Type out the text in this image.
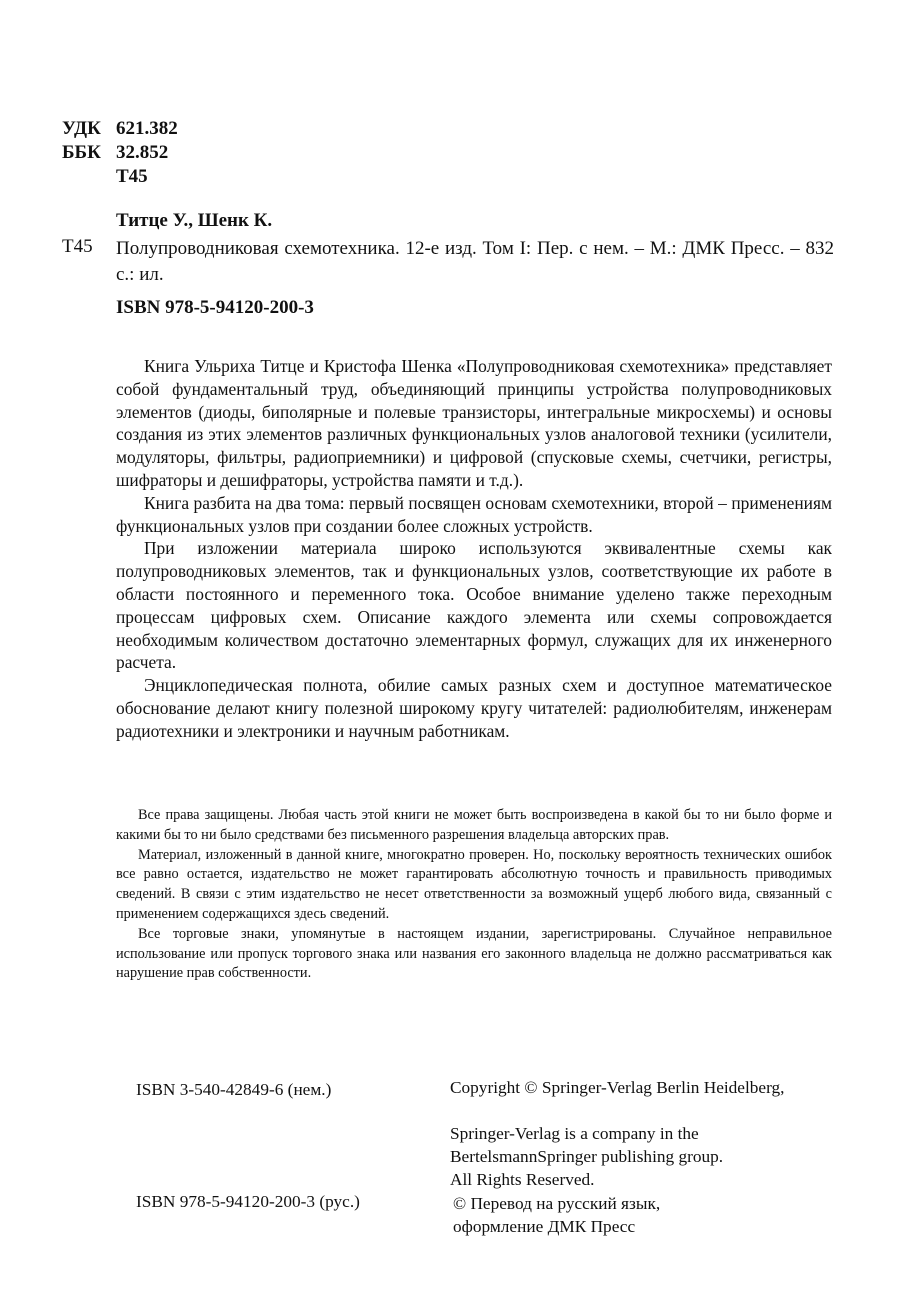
УДК 621.382
ББК 32.852
Т45

Титце У., Шенк К.
Т45 Полупроводниковая схемотехника. 12-е изд. Том I: Пер. с нем. – М.: ДМК Пресс. – 832 с.: ил.
ISBN 978-5-94120-200-3

Книга Ульриха Титце и Кристофа Шенка «Полупроводниковая схемотехника» представляет собой фундаментальный труд, объединяющий принципы устройства полупроводниковых элементов (диоды, биполярные и полевые транзисторы, интегральные микросхемы) и основы создания из этих элементов различных функциональных узлов аналоговой техники (усилители, модуляторы, фильтры, радиоприемники) и цифровой (спусковые схемы, счетчики, регистры, шифраторы и дешифраторы, устройства памяти и т.д.).

Книга разбита на два тома: первый посвящен основам схемотехники, второй – применениям функциональных узлов при создании более сложных устройств.

При изложении материала широко используются эквивалентные схемы как полупроводниковых элементов, так и функциональных узлов, соответствующие их работе в области постоянного и переменного тока. Особое внимание уделено также переходным процессам цифровых схем. Описание каждого элемента или схемы сопровождается необходимым количеством достаточно элементарных формул, служащих для их инженерного расчета.

Энциклопедическая полнота, обилие самых разных схем и доступное математическое обоснование делают книгу полезной широкому кругу читателей: радиолюбителям, инженерам радиотехники и электроники и научным работникам.

Все права защищены. Любая часть этой книги не может быть воспроизведена в какой бы то ни было форме и какими бы то ни было средствами без письменного разрешения владельца авторских прав.

Материал, изложенный в данной книге, многократно проверен. Но, поскольку вероятность технических ошибок все равно остается, издательство не может гарантировать абсолютную точность и правильность приводимых сведений. В связи с этим издательство не несет ответственности за возможный ущерб любого вида, связанный с применением содержащихся здесь сведений.

Все торговые знаки, упомянутые в настоящем издании, зарегистрированы. Случайное неправильное использование или пропуск торгового знака или названия его законного владельца не должно рассматриваться как нарушение прав собственности.

ISBN 3-540-42849-6 (нем.)
ISBN 978-5-94120-200-3 (рус.)
Copyright © Springer-Verlag Berlin Heidelberg,
Springer-Verlag is a company in the
BertelsmannSpringer publishing group.
All Rights Reserved.
© Перевод на русский язык,
оформление ДМК Пресс
